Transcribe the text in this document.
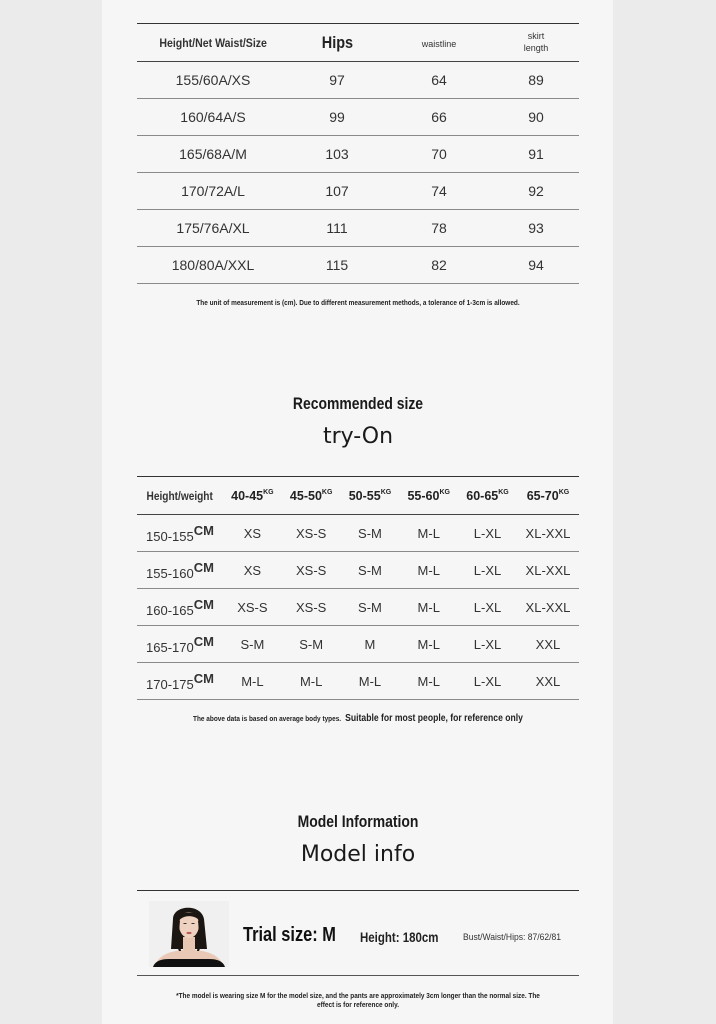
Height/Net Waist/Size	Hips	waistline	skirt
length
155/60A/XS	97	64	89
160/64A/S	99	66	90
165/68A/M	103	70	91
170/72A/L	107	74	92
175/76A/XL	111	78	93
180/80A/XXL	115	82	94
The unit of measurement is (cm). Due to different measurement methods, a tolerance of 1-3cm is allowed.
Recommended size
try-On
Height/weight	$40-45^{KG}$	$45-50^{KG}$	$50-55^{KG}$	$55-60^{KG}$	$60-65^{KG}$	$65-70^{KG}$
$150-155^{CM}$	XS	XS-S	S-M	M-L	L-XL	XL-XXL
$155-160^{CM}$	XS	XS-S	S-M	M-L	L-XL	XL-XXL
$160-165^{CM}$	XS-S	XS-S	S-M	M-L	L-XL	XL-XXL
$165-170^{CM}$	S-M	S-M	M	M-L	L-XL	XXL
$170-175^{CM}$	M-L	M-L	M-L	M-L	L-XL	XXL
The above data is based on average body types. Suitable for most people, for reference only
Model Information
Model info
Trial size: M Height: 180cm	Bust/Waist/Hips: 87/62/81
*The model is wearing size M for the model size, and the pants are approximately 3cm longer than the normal size. The effect is for reference only.
